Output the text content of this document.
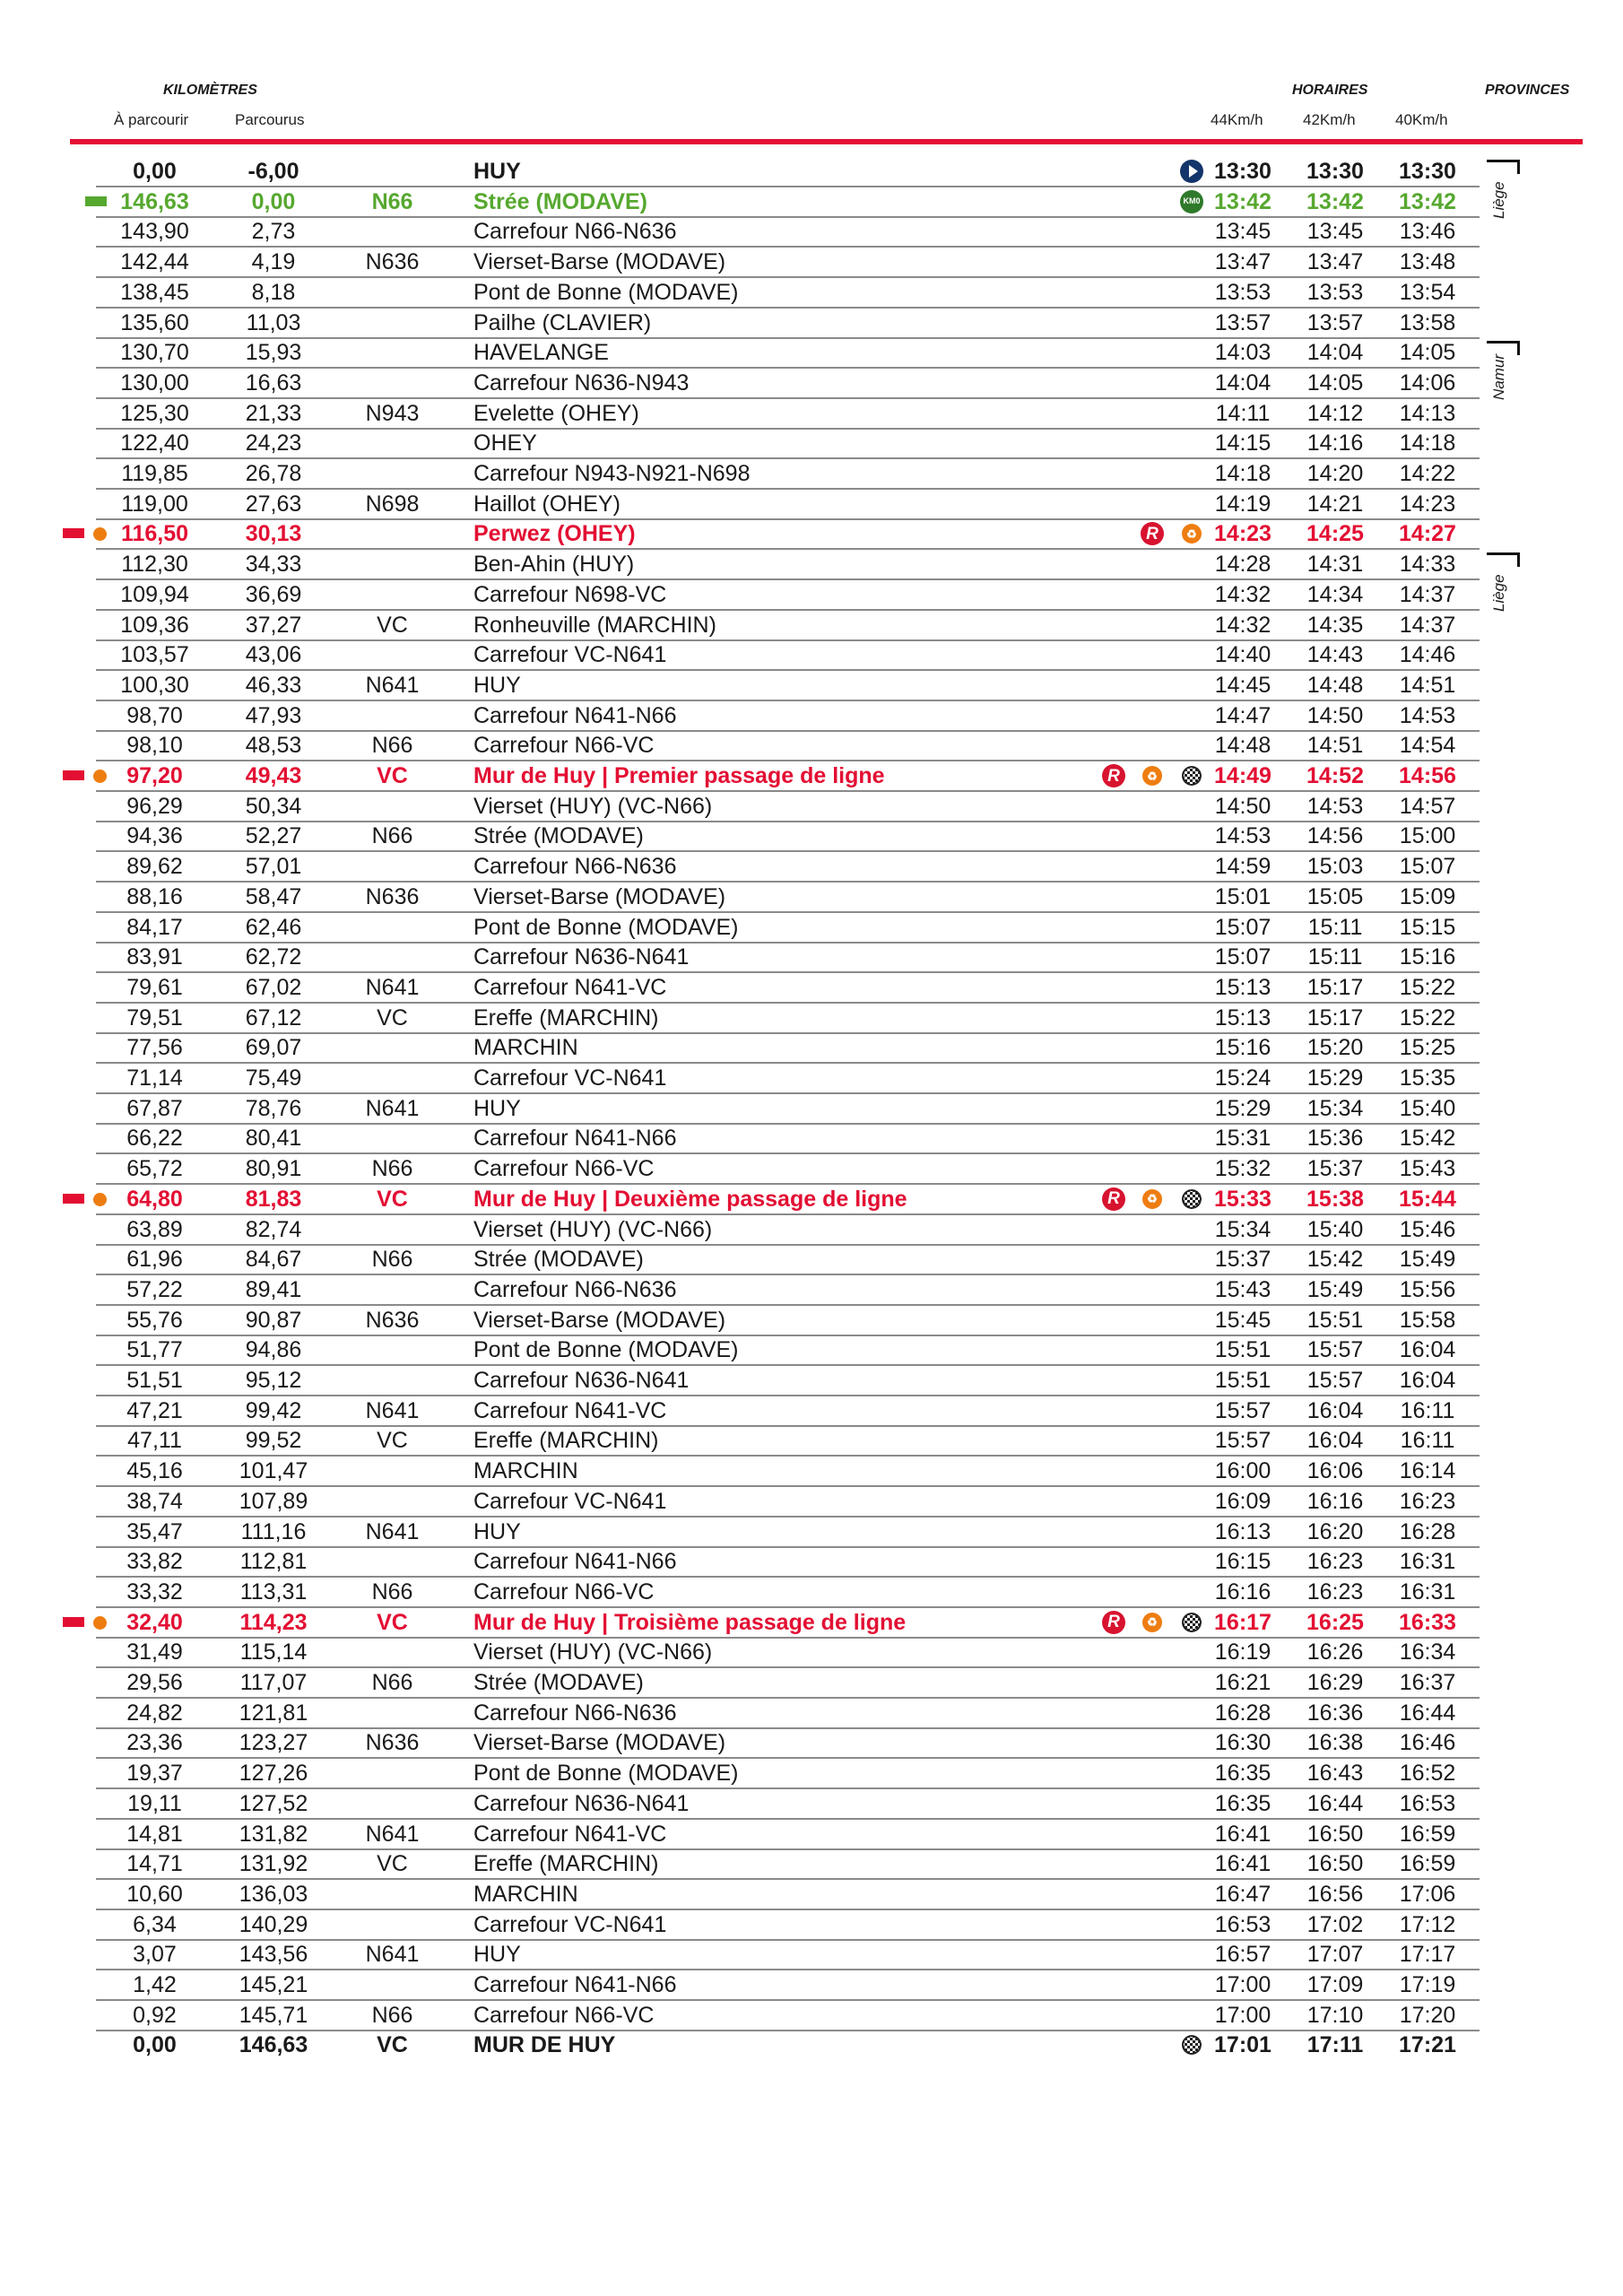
KILOMÈTRES
À parcourir	Parcourus
HORAIRES	PROVINCES
44Km/h	42Km/h	40Km/h
0,00	-6,00	HUY	13:30	13:30	13:30
146,63	0,00	N66	Strée (MODAVE)	13:42	13:42	13:42
KM0
143,90	2,73	Carrefour N66-N636	13:45	13:45	13:46
142,44	4,19	N636	Vierset-Barse (MODAVE)	13:47	13:47	13:48
138,45	8,18	Pont de Bonne (MODAVE)	13:53	13:53	13:54
135,60	11,03	Pailhe (CLAVIER)	13:57	13:57	13:58
130,70	15,93	HAVELANGE	14:03	14:04	14:05
130,00	16,63	Carrefour N636-N943	14:04	14:05	14:06
125,30	21,33	N943	Evelette (OHEY)	14:11	14:12	14:13
122,40	24,23	OHEY	14:15	14:16	14:18
119,85	26,78	Carrefour N943-N921-N698	14:18	14:20	14:22
119,00	27,63	N698	Haillot (OHEY)	14:19	14:21	14:23
116,50	30,13	Perwez (OHEY)	14:23	14:25	14:27
♻
R
112,30	34,33	Ben-Ahin (HUY)	14:28	14:31	14:33
109,94	36,69	Carrefour N698-VC	14:32	14:34	14:37
109,36	37,27	VC	Ronheuville (MARCHIN)	14:32	14:35	14:37
103,57	43,06	Carrefour VC-N641	14:40	14:43	14:46
100,30	46,33	N641	HUY	14:45	14:48	14:51
98,70	47,93	Carrefour N641-N66	14:47	14:50	14:53
98,10	48,53	N66	Carrefour N66-VC	14:48	14:51	14:54
97,20	49,43	VC	Mur de Huy | Premier passage de ligne	14:49	14:52	14:56
♻
R
96,29	50,34	Vierset (HUY) (VC-N66)	14:50	14:53	14:57
94,36	52,27	N66	Strée (MODAVE)	14:53	14:56	15:00
89,62	57,01	Carrefour N66-N636	14:59	15:03	15:07
88,16	58,47	N636	Vierset-Barse (MODAVE)	15:01	15:05	15:09
84,17	62,46	Pont de Bonne (MODAVE)	15:07	15:11	15:15
83,91	62,72	Carrefour N636-N641	15:07	15:11	15:16
79,61	67,02	N641	Carrefour N641-VC	15:13	15:17	15:22
79,51	67,12	VC	Ereffe (MARCHIN)	15:13	15:17	15:22
77,56	69,07	MARCHIN	15:16	15:20	15:25
71,14	75,49	Carrefour VC-N641	15:24	15:29	15:35
67,87	78,76	N641	HUY	15:29	15:34	15:40
66,22	80,41	Carrefour N641-N66	15:31	15:36	15:42
65,72	80,91	N66	Carrefour N66-VC	15:32	15:37	15:43
64,80	81,83	VC	Mur de Huy | Deuxième passage de ligne	15:33	15:38	15:44
♻
R
63,89	82,74	Vierset (HUY) (VC-N66)	15:34	15:40	15:46
61,96	84,67	N66	Strée (MODAVE)	15:37	15:42	15:49
57,22	89,41	Carrefour N66-N636	15:43	15:49	15:56
55,76	90,87	N636	Vierset-Barse (MODAVE)	15:45	15:51	15:58
51,77	94,86	Pont de Bonne (MODAVE)	15:51	15:57	16:04
51,51	95,12	Carrefour N636-N641	15:51	15:57	16:04
47,21	99,42	N641	Carrefour N641-VC	15:57	16:04	16:11
47,11	99,52	VC	Ereffe (MARCHIN)	15:57	16:04	16:11
45,16	101,47	MARCHIN	16:00	16:06	16:14
38,74	107,89	Carrefour VC-N641	16:09	16:16	16:23
35,47	111,16	N641	HUY	16:13	16:20	16:28
33,82	112,81	Carrefour N641-N66	16:15	16:23	16:31
33,32	113,31	N66	Carrefour N66-VC	16:16	16:23	16:31
32,40	114,23	VC	Mur de Huy | Troisième passage de ligne	16:17	16:25	16:33
♻
R
31,49	115,14	Vierset (HUY) (VC-N66)	16:19	16:26	16:34
29,56	117,07	N66	Strée (MODAVE)	16:21	16:29	16:37
24,82	121,81	Carrefour N66-N636	16:28	16:36	16:44
23,36	123,27	N636	Vierset-Barse (MODAVE)	16:30	16:38	16:46
19,37	127,26	Pont de Bonne (MODAVE)	16:35	16:43	16:52
19,11	127,52	Carrefour N636-N641	16:35	16:44	16:53
14,81	131,82	N641	Carrefour N641-VC	16:41	16:50	16:59
14,71	131,92	VC	Ereffe (MARCHIN)	16:41	16:50	16:59
10,60	136,03	MARCHIN	16:47	16:56	17:06
6,34	140,29	Carrefour VC-N641	16:53	17:02	17:12
3,07	143,56	N641	HUY	16:57	17:07	17:17
1,42	145,21	Carrefour N641-N66	17:00	17:09	17:19
0,92	145,71	N66	Carrefour N66-VC	17:00	17:10	17:20
0,00	146,63	VC	MUR DE HUY	17:01	17:11	17:21
Liège
Namur
Liège
